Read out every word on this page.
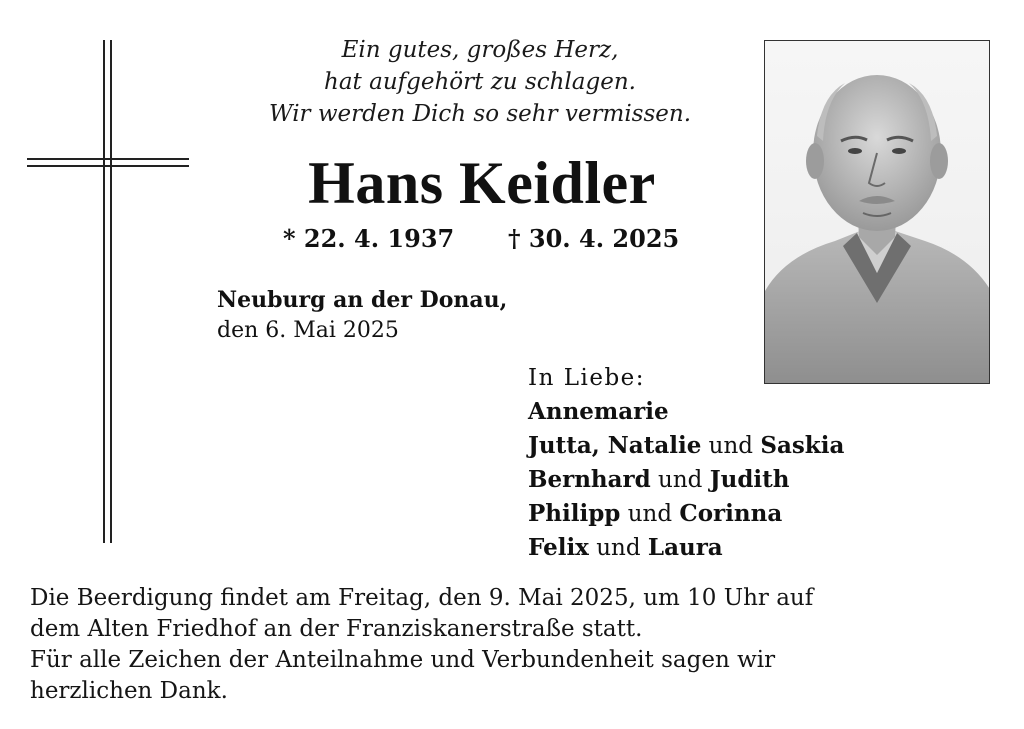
Ein gutes, großes Herz,
hat aufgehört zu schlagen.
Wir werden Dich so sehr vermissen.
Hans Keidler
* 22. 4. 1937 † 30. 4. 2025
Neuburg an der Donau,
den 6. Mai 2025
In Liebe:
Annemarie
Jutta, Natalie und Saskia
Bernhard und Judith
Philipp und Corinna
Felix und Laura
Die Beerdigung findet am Freitag, den 9. Mai 2025, um 10 Uhr auf
dem Alten Friedhof an der Franziskanerstraße statt.
Für alle Zeichen der Anteilnahme und Verbundenheit sagen wir
herzlichen Dank.
